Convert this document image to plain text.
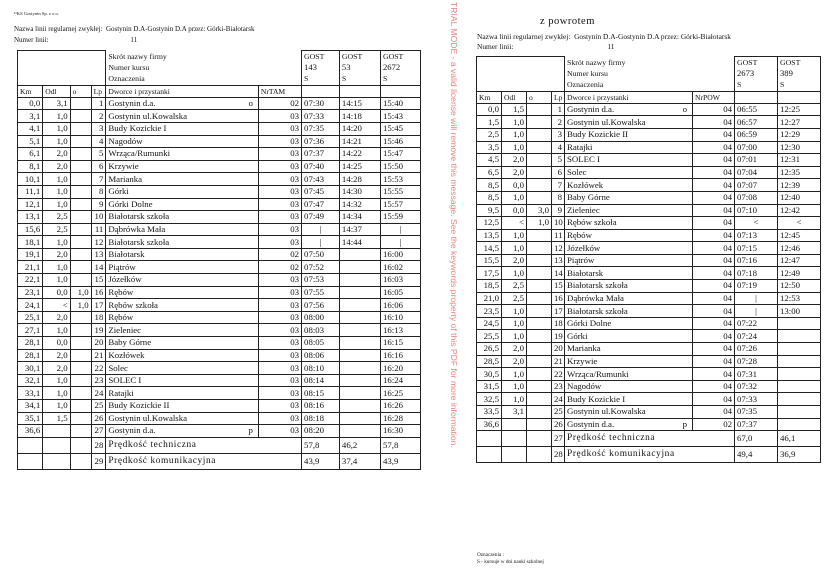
TRIAL MODE - a valid license will remove this message. See the keywords property of this PDF for more information.
¹¹KS Gostynin Sp. z o.o.
Nazwa linii regularnej zwykłej: Gostynin D.A-Gostynin D.A przez: Górki-Białotarsk
Numer linii:	11
				Skrót nazwy firmy		GOST	GOST	GOST
				Numer kursu		143	53	2672
				Oznaczenia		S	S	S
Km	Odl	o	Lp	Dworce i przystanki	NrTAM			
0,0	3,1		1	Gostynin d.a. o	02	07:30	14:15	15:40
3,1	1,0		2	Gostynin ul.Kowalska	03	07:33	14:18	15:43
4,1	1,0		3	Budy Kozickie I	03	07:35	14:20	15:45
5,1	1,0		4	Nagodów	03	07:36	14:21	15:46
6,1	2,0		5	Wrząca/Rumunki	03	07:37	14:22	15:47
8,1	2,0		6	Krzywie	03	07:40	14:25	15:50
10,1	1,0		7	Marianka	03	07:43	14:28	15:53
11,1	1,0		8	Górki	03	07:45	14:30	15:55
12,1	1,0		9	Górki Dolne	03	07:47	14:32	15:57
13,1	2,5		10	Białotarsk szkoła	03	07:49	14:34	15:59
15,6	2,5		11	Dąbrówka Mała	03	|	14:37	|
18,1	1,0		12	Białotarsk szkoła	03	|	14:44	|
19,1	2,0		13	Białotarsk	02	07:50		16:00
21,1	1,0		14	Piątrów	02	07:52		16:02
22,1	1,0		15	Józełków	03	07:53		16:03
23,1	0,0	1,0	16	Rębów	03	07:55		16:05
24,1	<	1,0	17	Rębów szkoła	03	07:56		16:06
25,1	2,0		18	Rębów	03	08:00		16:10
27,1	1,0		19	Zieleniec	03	08:03		16:13
28,1	0,0		20	Baby Górne	03	08:05		16:15
28,1	2,0		21	Kozłówek	03	08:06		16:16
30,1	2,0		22	Solec	03	08:10		16:20
32,1	1,0		23	SOLEC I	03	08:14		16:24
33,1	1,0		24	Ratajki	03	08:15		16:25
34,1	1,0		25	Budy Kozickie II	03	08:16		16:26
35,1	1,5		26	Gostynin ul.Kowalska	03	08:18		16:28
36,6			27	Gostynin d.a. p	03	08:20		16:30
			28	Prędkość techniczna		57,8	46,2	57,8
			29	Prędkość komunikacyjna		43,9	37,4	43,9
z powrotem
Nazwa linii regularnej zwykłej: Gostynin D.A-Gostynin D.A przez: Górki-Białotarsk
Numer linii:	11
				Skrót nazwy firmy		GOST	GOST
				Numer kursu		2673	389
				Oznaczenia		S	S
Km	Odl	o	Lp	Dworce i przystanki	NrPOW		
0,0	1,5		1	Gostynin d.a. o	04	06:55	12:25
1,5	1,0		2	Gostynin ul.Kowalska	04	06:57	12:27
2,5	1,0		3	Budy Kozickie II	04	06:59	12:29
3,5	1,0		4	Ratajki	04	07:00	12:30
4,5	2,0		5	SOLEC I	04	07:01	12:31
6,5	2,0		6	Solec	04	07:04	12:35
8,5	0,0		7	Kozłówek	04	07:07	12:39
8,5	1,0		8	Baby Górne	04	07:08	12:40
9,5	0,0	3,0	9	Zieleniec	04	07:10	12:42
12,5	<	1,0	10	Rębów szkoła	04	<	<
13,5	1,0		11	Rębów	04	07:13	12:45
14,5	1,0		12	Józełków	04	07:15	12:46
15,5	2,0		13	Piątrów	04	07:16	12:47
17,5	1,0		14	Białotarsk	04	07:18	12:49
18,5	2,5		15	Białotarsk szkoła	04	07:19	12:50
21,0	2,5		16	Dąbrówka Mała	04	|	12:53
23,5	1,0		17	Białotarsk szkoła	04	|	13:00
24,5	1,0		18	Górki Dolne	04	07:22	
25,5	1,0		19	Górki	04	07:24	
26,5	2,0		20	Marianka	04	07:26	
28,5	2,0		21	Krzywie	04	07:28	
30,5	1,0		22	Wrząca/Rumunki	04	07:31	
31,5	1,0		23	Nagodów	04	07:32	
32,5	1,0		24	Budy Kozickie I	04	07:33	
33,5	3,1		25	Gostynin ul.Kowalska	04	07:35	
36,6			26	Gostynin d.a. p	02	07:37	
			27	Prędkość techniczna		67,0	46,1
			28	Prędkość komunikacyjna		49,4	36,9
Oznaczenia :
S - kursuje w dni nauki szkolnej
